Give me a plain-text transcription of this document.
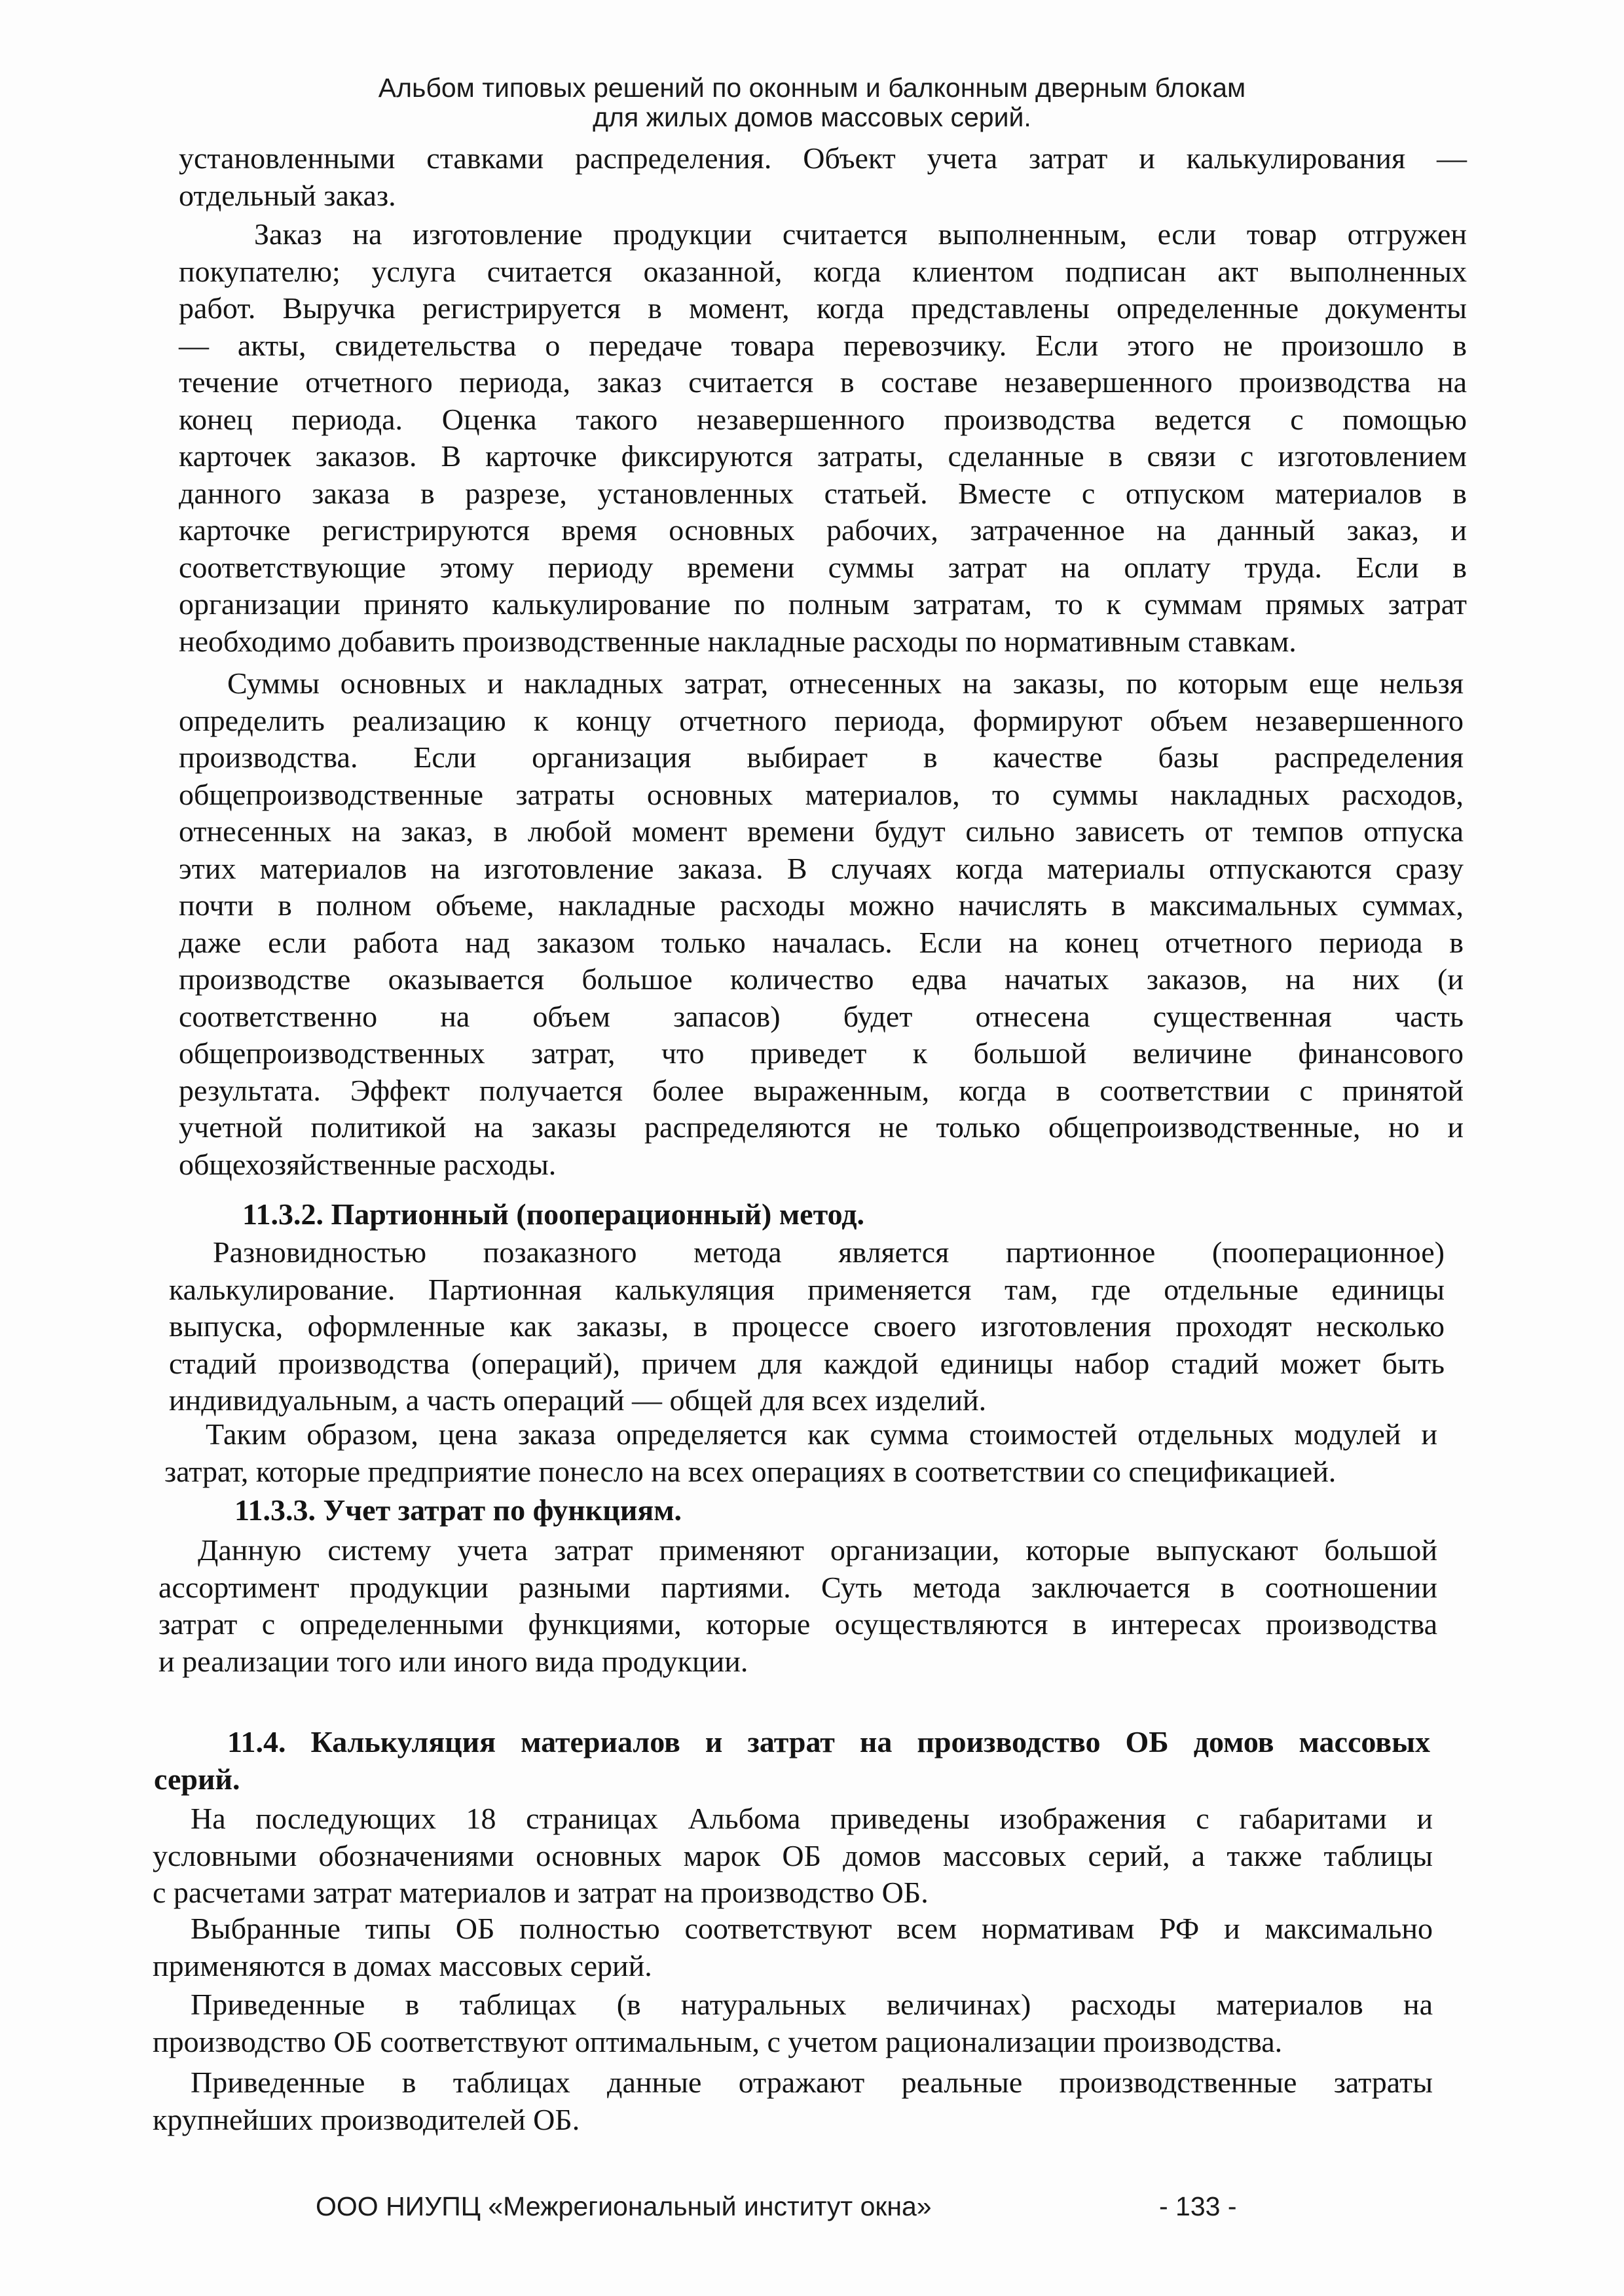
Альбом типовых решений по оконным и балконным дверным блокам
для жилых домов массовых серий.
установленными ставками распределения. Объект учета затрат и калькулирования —
отдельный заказ.
Заказ на изготовление продукции считается выполненным, если товар отгружен
покупателю; услуга считается оказанной, когда клиентом подписан акт выполненных
работ. Выручка регистрируется в момент, когда представлены определенные документы
— акты, свидетельства о передаче товара перевозчику. Если этого не произошло в
течение отчетного периода, заказ считается в составе незавершенного производства на
конец периода. Оценка такого незавершенного производства ведется с помощью
карточек заказов. В карточке фиксируются затраты, сделанные в связи с изготовлением
данного заказа в разрезе, установленных статьей. Вместе с отпуском материалов в
карточке регистрируются время основных рабочих, затраченное на данный заказ, и
соответствующие этому периоду времени суммы затрат на оплату труда. Если в
организации принято калькулирование по полным затратам, то к суммам прямых затрат
необходимо добавить производственные накладные расходы по нормативным ставкам.
Суммы основных и накладных затрат, отнесенных на заказы, по которым еще нельзя
определить реализацию к концу отчетного периода, формируют объем незавершенного
производства. Если организация выбирает в качестве базы распределения
общепроизводственные затраты основных материалов, то суммы накладных расходов,
отнесенных на заказ, в любой момент времени будут сильно зависеть от темпов отпуска
этих материалов на изготовление заказа. В случаях когда материалы отпускаются сразу
почти в полном объеме, накладные расходы можно начислять в максимальных суммах,
даже если работа над заказом только началась. Если на конец отчетного периода в
производстве оказывается большое количество едва начатых заказов, на них (и
соответственно на объем запасов) будет отнесена существенная часть
общепроизводственных затрат, что приведет к большой величине финансового
результата. Эффект получается более выраженным, когда в соответствии с принятой
учетной политикой на заказы распределяются не только общепроизводственные, но и
общехозяйственные расходы.
11.3.2. Партионный (пооперационный) метод.
Разновидностью позаказного метода является партионное (пооперационное)
калькулирование. Партионная калькуляция применяется там, где отдельные единицы
выпуска, оформленные как заказы, в процессе своего изготовления проходят несколько
стадий производства (операций), причем для каждой единицы набор стадий может быть
индивидуальным, а часть операций — общей для всех изделий.
Таким образом, цена заказа определяется как сумма стоимостей отдельных модулей и
затрат, которые предприятие понесло на всех операциях в соответствии со спецификацией.
11.3.3. Учет затрат по функциям.
Данную систему учета затрат применяют организации, которые выпускают большой
ассортимент продукции разными партиями. Суть метода заключается в соотношении
затрат с определенными функциями, которые осуществляются в интересах производства
и реализации того или иного вида продукции.
11.4. Калькуляция материалов и затрат на производство ОБ домов массовых
серий.
На последующих 18 страницах Альбома приведены изображения с габаритами и
условными обозначениями основных марок ОБ домов массовых серий, а также таблицы
с расчетами затрат материалов и затрат на производство ОБ.
Выбранные типы ОБ полностью соответствуют всем нормативам РФ и максимально
применяются в домах массовых серий.
Приведенные в таблицах (в натуральных величинах) расходы материалов на
производство ОБ соответствуют оптимальным, с учетом рационализации производства.
Приведенные в таблицах данные отражают реальные производственные затраты
крупнейших производителей ОБ.
ООО НИУПЦ «Межрегиональный институт окна»	- 133 -
